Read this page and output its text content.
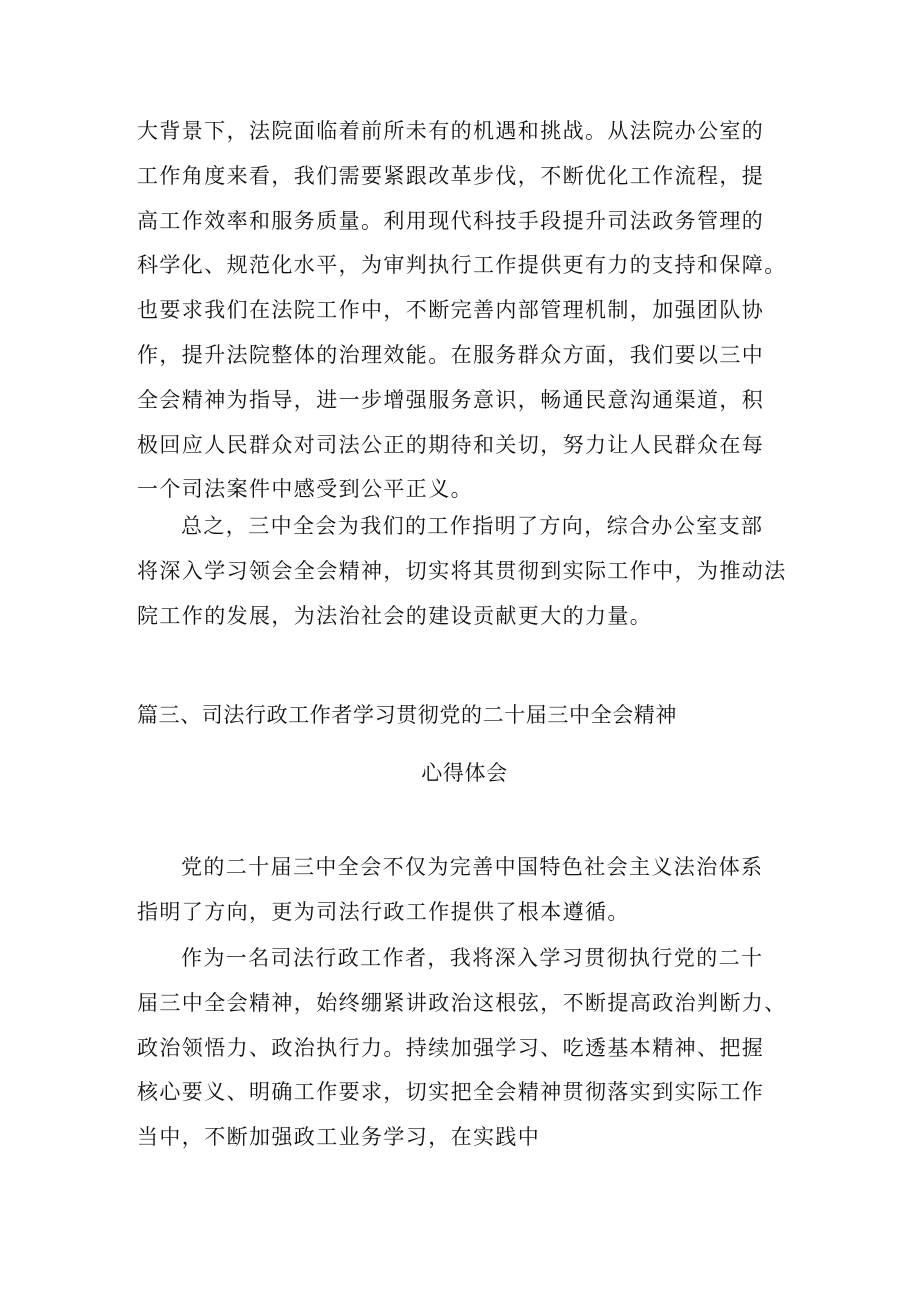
大背景下，法院面临着前所未有的机遇和挑战。从法院办公室的
工作角度来看，我们需要紧跟改革步伐，不断优化工作流程，提
高工作效率和服务质量。利用现代科技手段提升司法政务管理的
科学化、规范化水平，为审判执行工作提供更有力的支持和保障。
也要求我们在法院工作中，不断完善内部管理机制，加强团队协
作，提升法院整体的治理效能。在服务群众方面，我们要以三中
全会精神为指导，进一步增强服务意识，畅通民意沟通渠道，积
极回应人民群众对司法公正的期待和关切，努力让人民群众在每
一个司法案件中感受到公平正义。
总之，三中全会为我们的工作指明了方向，综合办公室支部
将深入学习领会全会精神，切实将其贯彻到实际工作中，为推动法
院工作的发展，为法治社会的建设贡献更大的力量。
篇三、司法行政工作者学习贯彻党的二十届三中全会精神
心得体会
党的二十届三中全会不仅为完善中国特色社会主义法治体系
指明了方向，更为司法行政工作提供了根本遵循。
作为一名司法行政工作者，我将深入学习贯彻执行党的二十
届三中全会精神，始终绷紧讲政治这根弦，不断提高政治判断力、
政治领悟力、政治执行力。持续加强学习、吃透基本精神、把握
核心要义、明确工作要求，切实把全会精神贯彻落实到实际工作
当中，不断加强政工业务学习，在实践中
